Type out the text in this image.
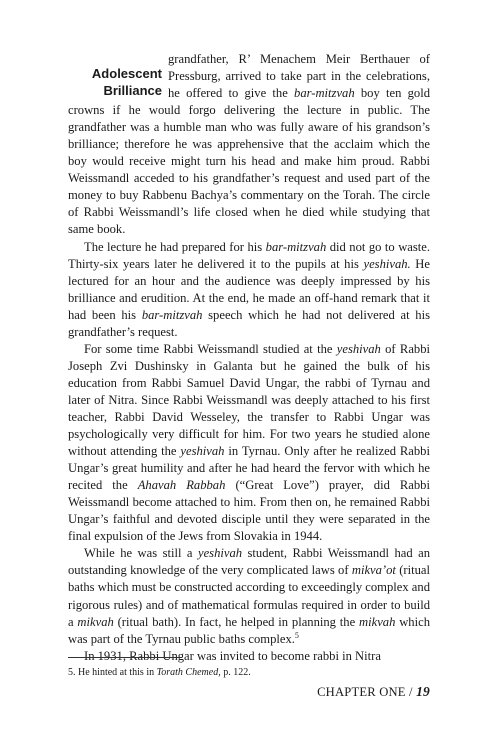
Adolescent
Brilliance

grandfather, R’ Menachem Meir Berthauer of Pressburg, arrived to take part in the celebrations, he offered to give the bar-mitzvah boy ten gold crowns if he would forgo delivering the lecture in public. The grandfather was a humble man who was fully aware of his grandson’s brilliance; therefore he was apprehensive that the acclaim which the boy would receive might turn his head and make him proud. Rabbi Weissmandl acceded to his grandfather’s request and used part of the money to buy Rabbenu Bachya’s commentary on the Torah. The circle of Rabbi Weissmandl’s life closed when he died while studying that same book.

The lecture he had prepared for his bar-mitzvah did not go to waste. Thirty-six years later he delivered it to the pupils at his yeshivah. He lectured for an hour and the audience was deeply impressed by his brilliance and erudition. At the end, he made an off-hand remark that it had been his bar-mitzvah speech which he had not delivered at his grandfather’s request.

For some time Rabbi Weissmandl studied at the yeshivah of Rabbi Joseph Zvi Dushinsky in Galanta but he gained the bulk of his education from Rabbi Samuel David Ungar, the rabbi of Tyrnau and later of Nitra. Since Rabbi Weissmandl was deeply attached to his first teacher, Rabbi David Wesseley, the transfer to Rabbi Ungar was psychologically very difficult for him. For two years he studied alone without attending the yeshivah in Tyrnau. Only after he realized Rabbi Ungar’s great humility and after he had heard the fervor with which he recited the Ahavah Rabbah (“Great Love”) prayer, did Rabbi Weissmandl become attached to him. From then on, he remained Rabbi Ungar’s faithful and devoted disciple until they were separated in the final expulsion of the Jews from Slovakia in 1944.

While he was still a yeshivah student, Rabbi Weissmandl had an outstanding knowledge of the very complicated laws of mikva’ot (ritual baths which must be constructed according to exceedingly complex and rigorous rules) and of mathematical formulas required in order to build a mikvah (ritual bath). In fact, he helped in planning the mikvah which was part of the Tyrnau public baths complex.$^5$

In 1931, Rabbi Ungar was invited to become rabbi in Nitra

5. He hinted at this in Torath Chemed, p. 122.
CHAPTER ONE / 19
